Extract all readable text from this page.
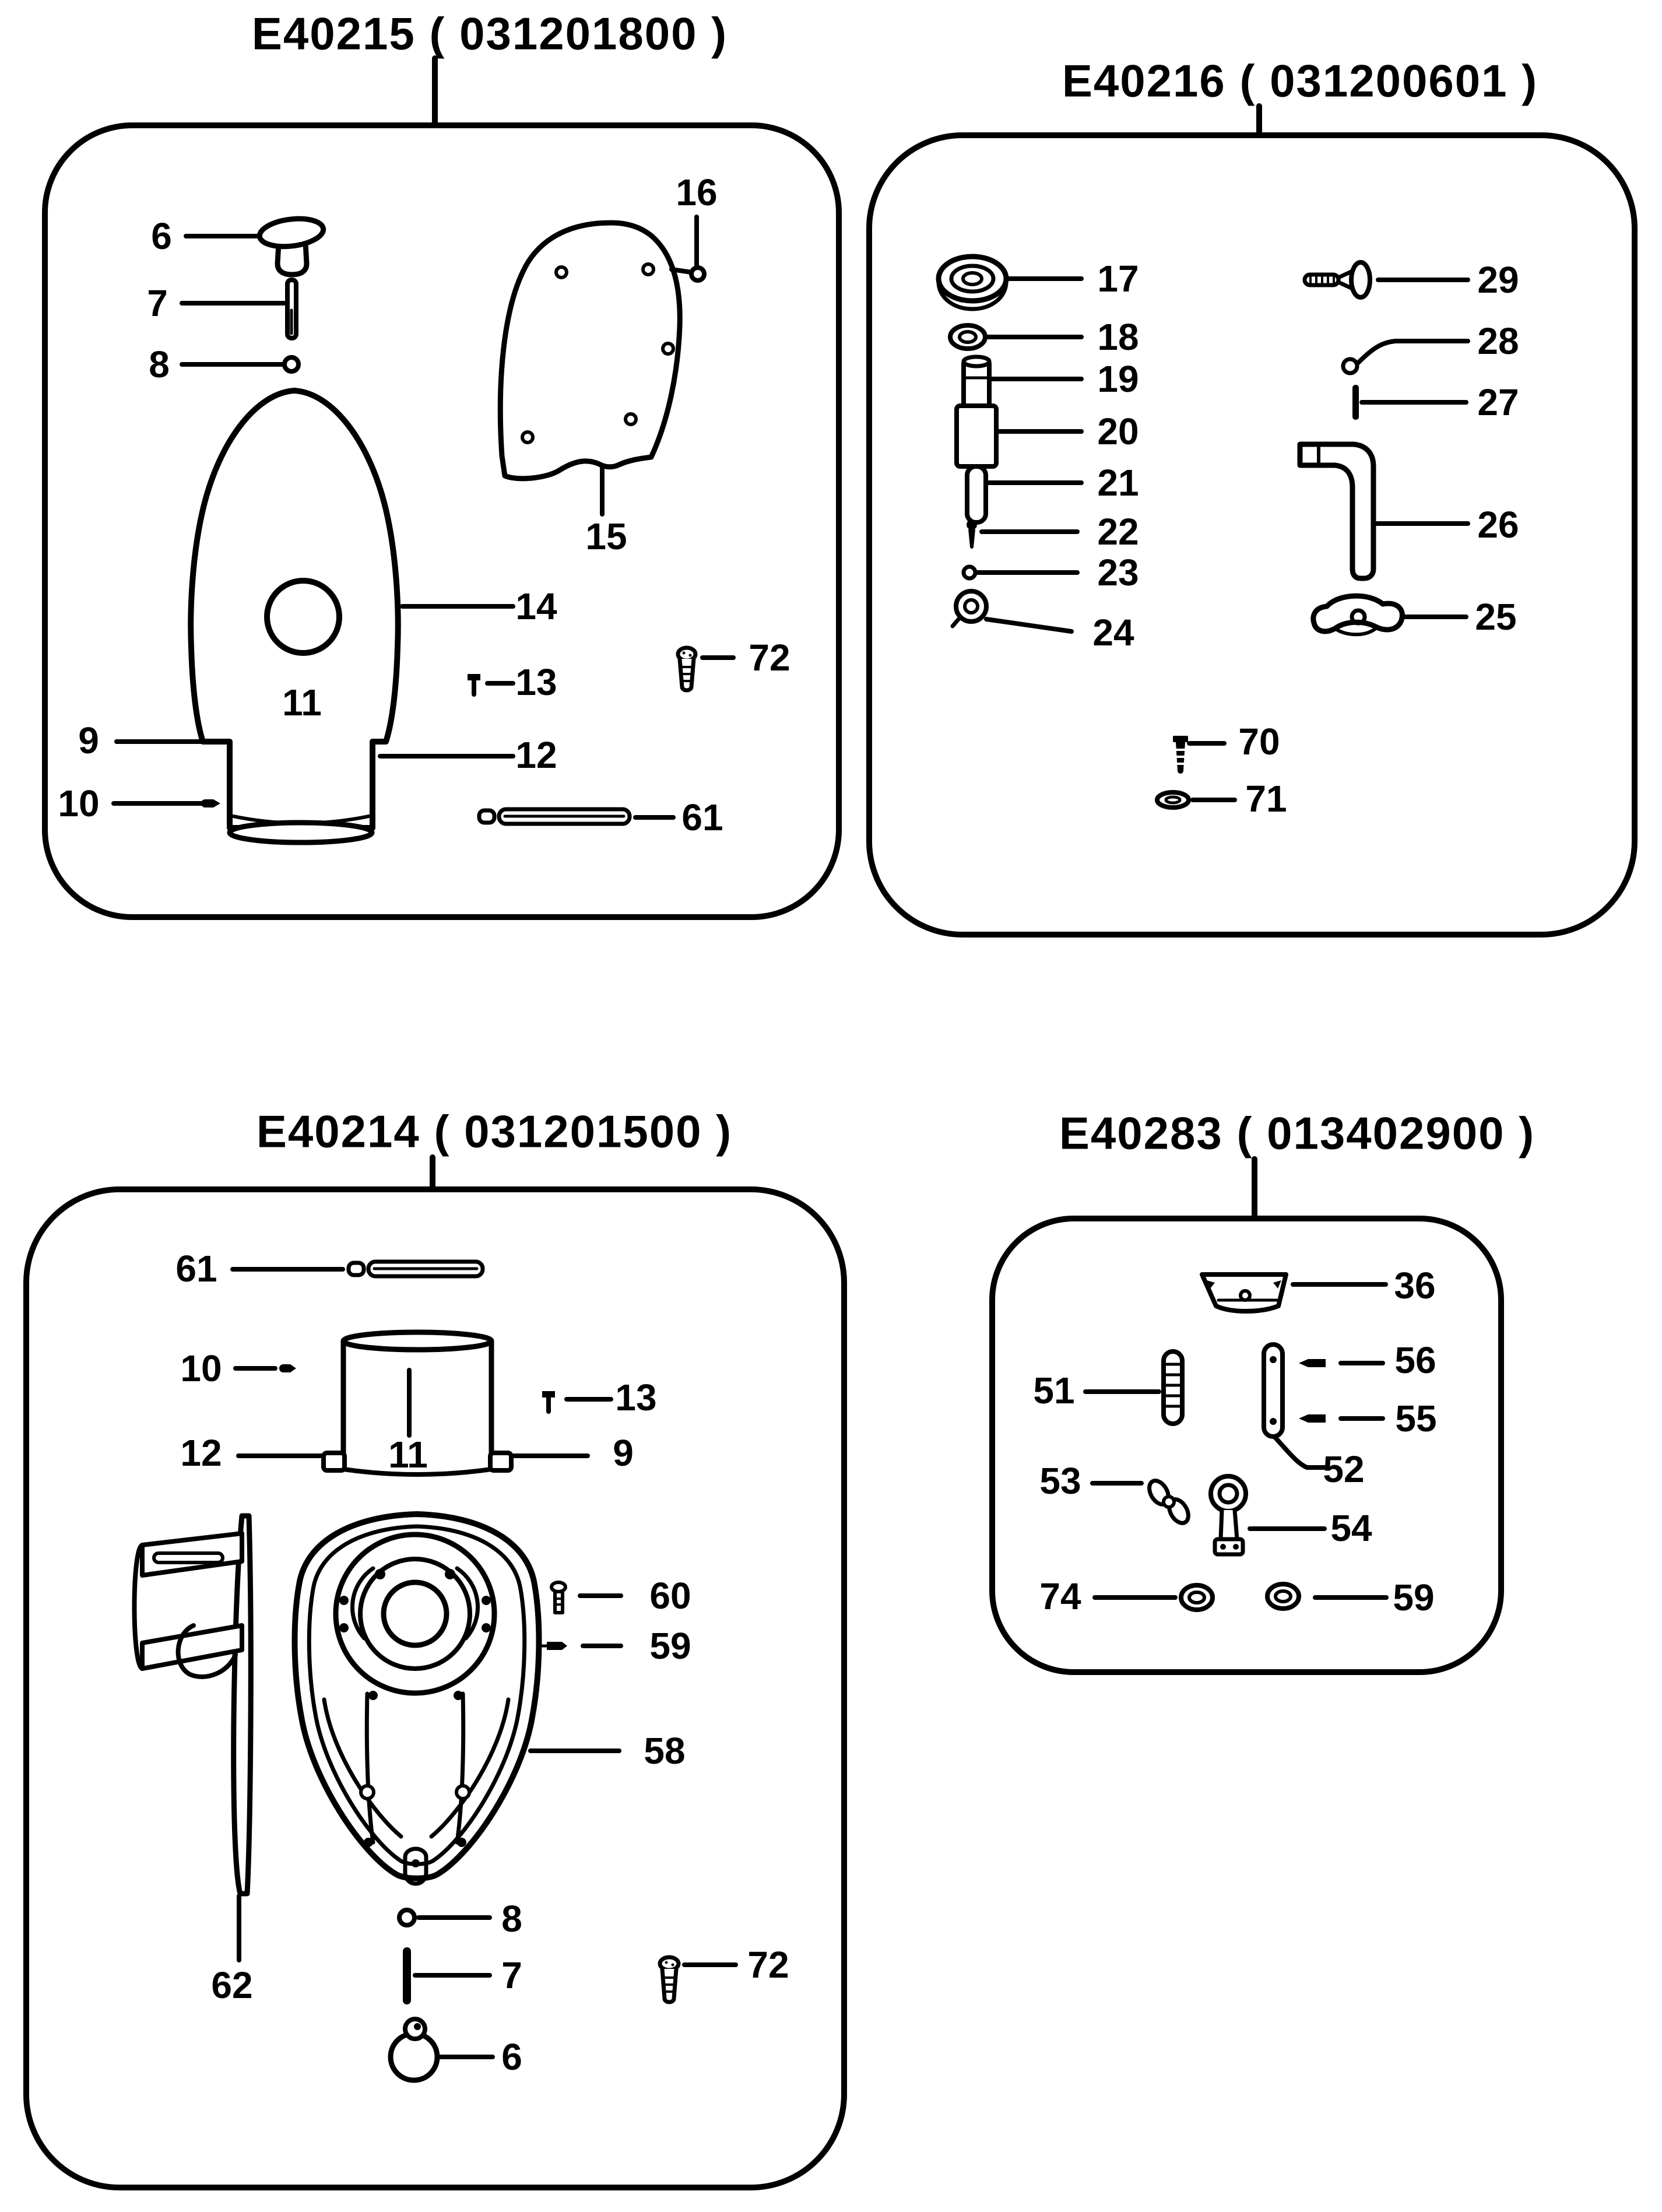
E40215 ( 031201800 )
E40216 ( 031200601 )
E40214 ( 031201500 )	E40283 ( 013402900 )
6
7
8
16
15
14
13
72
9
11
12
10	61
17
18
19
20
21
22
23
24
29
28
27
26
25
70
71
61
10
13
12	11	9
62
58
60
59
8
7	72
6
36
51
56
55
52
53
54
74	59
